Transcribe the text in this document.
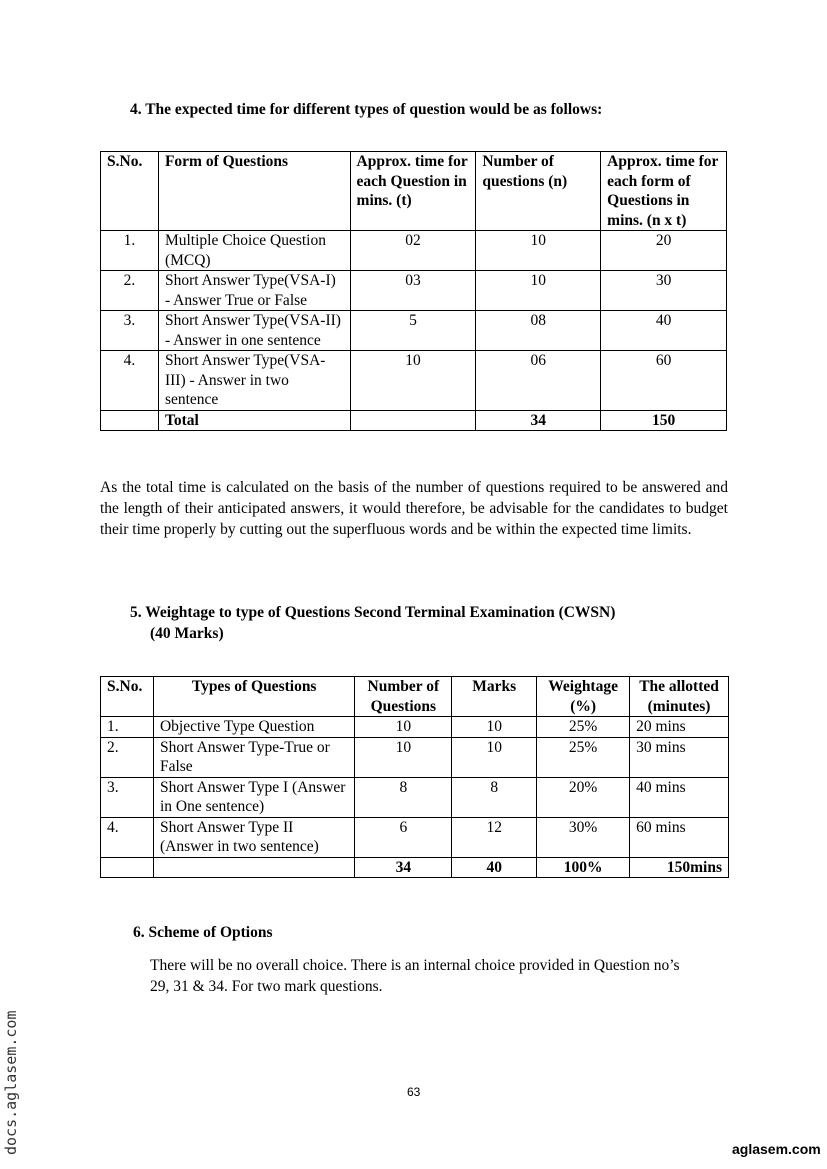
4. The expected time for different types of question would be as follows:
S.No.	Form of Questions	Approx. time for each Question in mins. (t)	Number of questions (n)	Approx. time for each form of Questions in mins. (n x t)
1.	Multiple Choice Question (MCQ)	02	10	20
2.	Short Answer Type(VSA-I) - Answer True or False	03	10	30
3.	Short Answer Type(VSA-II) - Answer in one sentence	5	08	40
4.	Short Answer Type(VSA-III) - Answer in two sentence	10	06	60
	Total		34	150
As the total time is calculated on the basis of the number of questions required to be answered and the length of their anticipated answers, it would therefore, be advisable for the candidates to budget their time properly by cutting out the superfluous words and be within the expected time limits.
5. Weightage to type of Questions Second Terminal Examination (CWSN)
(40 Marks)
S.No.	Types of Questions	Number of Questions	Marks	Weightage (%)	The allotted (minutes)
1.	Objective Type Question	10	10	25%	20 mins
2.	Short Answer Type-True or False	10	10	25%	30 mins
3.	Short Answer Type I (Answer in One sentence)	8	8	20%	40 mins
4.	Short Answer Type II (Answer in two sentence)	6	12	30%	60 mins
		34	40	100%	150mins
6. Scheme of Options
There will be no overall choice. There is an internal choice provided in Question no’s
29, 31 & 34. For two mark questions.
63
docs.aglasem.com	aglasem.com
